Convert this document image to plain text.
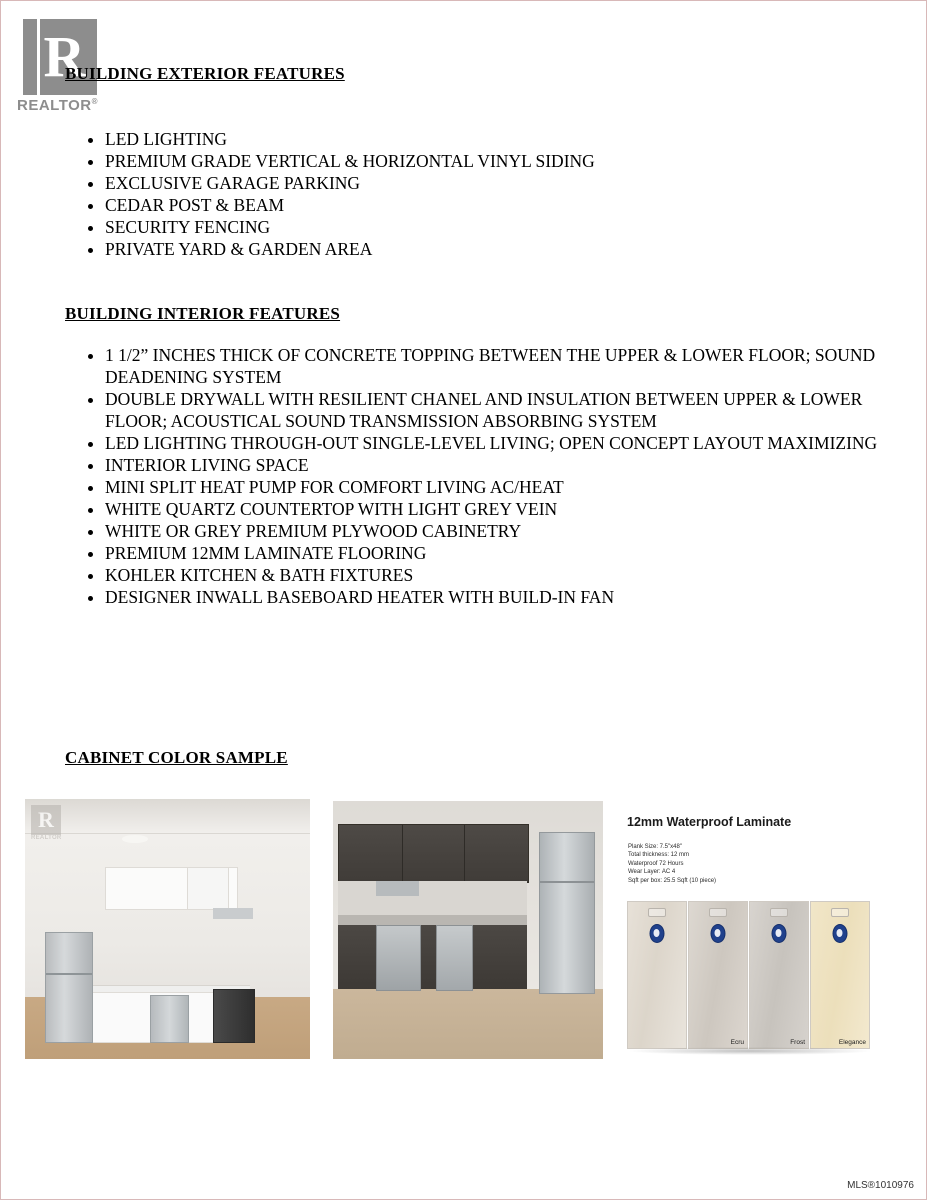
R
REALTOR®
BUILDING EXTERIOR FEATURES
• LED LIGHTING
• PREMIUM GRADE VERTICAL & HORIZONTAL VINYL SIDING
• EXCLUSIVE GARAGE PARKING
• CEDAR POST & BEAM
• SECURITY FENCING
• PRIVATE YARD & GARDEN AREA
BUILDING INTERIOR FEATURES
• 1 1/2” INCHES THICK OF CONCRETE TOPPING BETWEEN THE UPPER & LOWER FLOOR; SOUND DEADENING SYSTEM
• DOUBLE DRYWALL WITH RESILIENT CHANEL AND INSULATION BETWEEN UPPER & LOWER FLOOR; ACOUSTICAL SOUND TRANSMISSION ABSORBING SYSTEM
• LED LIGHTING THROUGH-OUT SINGLE-LEVEL LIVING; OPEN CONCEPT LAYOUT MAXIMIZING
• INTERIOR LIVING SPACE
• MINI SPLIT HEAT PUMP FOR COMFORT LIVING AC/HEAT
• WHITE QUARTZ COUNTERTOP WITH LIGHT GREY VEIN
• WHITE OR GREY PREMIUM PLYWOOD CABINETRY
• PREMIUM 12MM LAMINATE FLOORING
• KOHLER KITCHEN & BATH FIXTURES
• DESIGNER INWALL BASEBOARD HEATER WITH BUILD-IN FAN
CABINET COLOR SAMPLE
R
REALTOR
12mm Waterproof Laminate
Plank Size: 7.5"x48"
Total thickness: 12 mm
Waterproof 72 Hours
Wear Layer: AC 4
Sqft per box: 25.5 Sqft (10 piece)
Ecru	Frost	Elegance
MLS®1010976
